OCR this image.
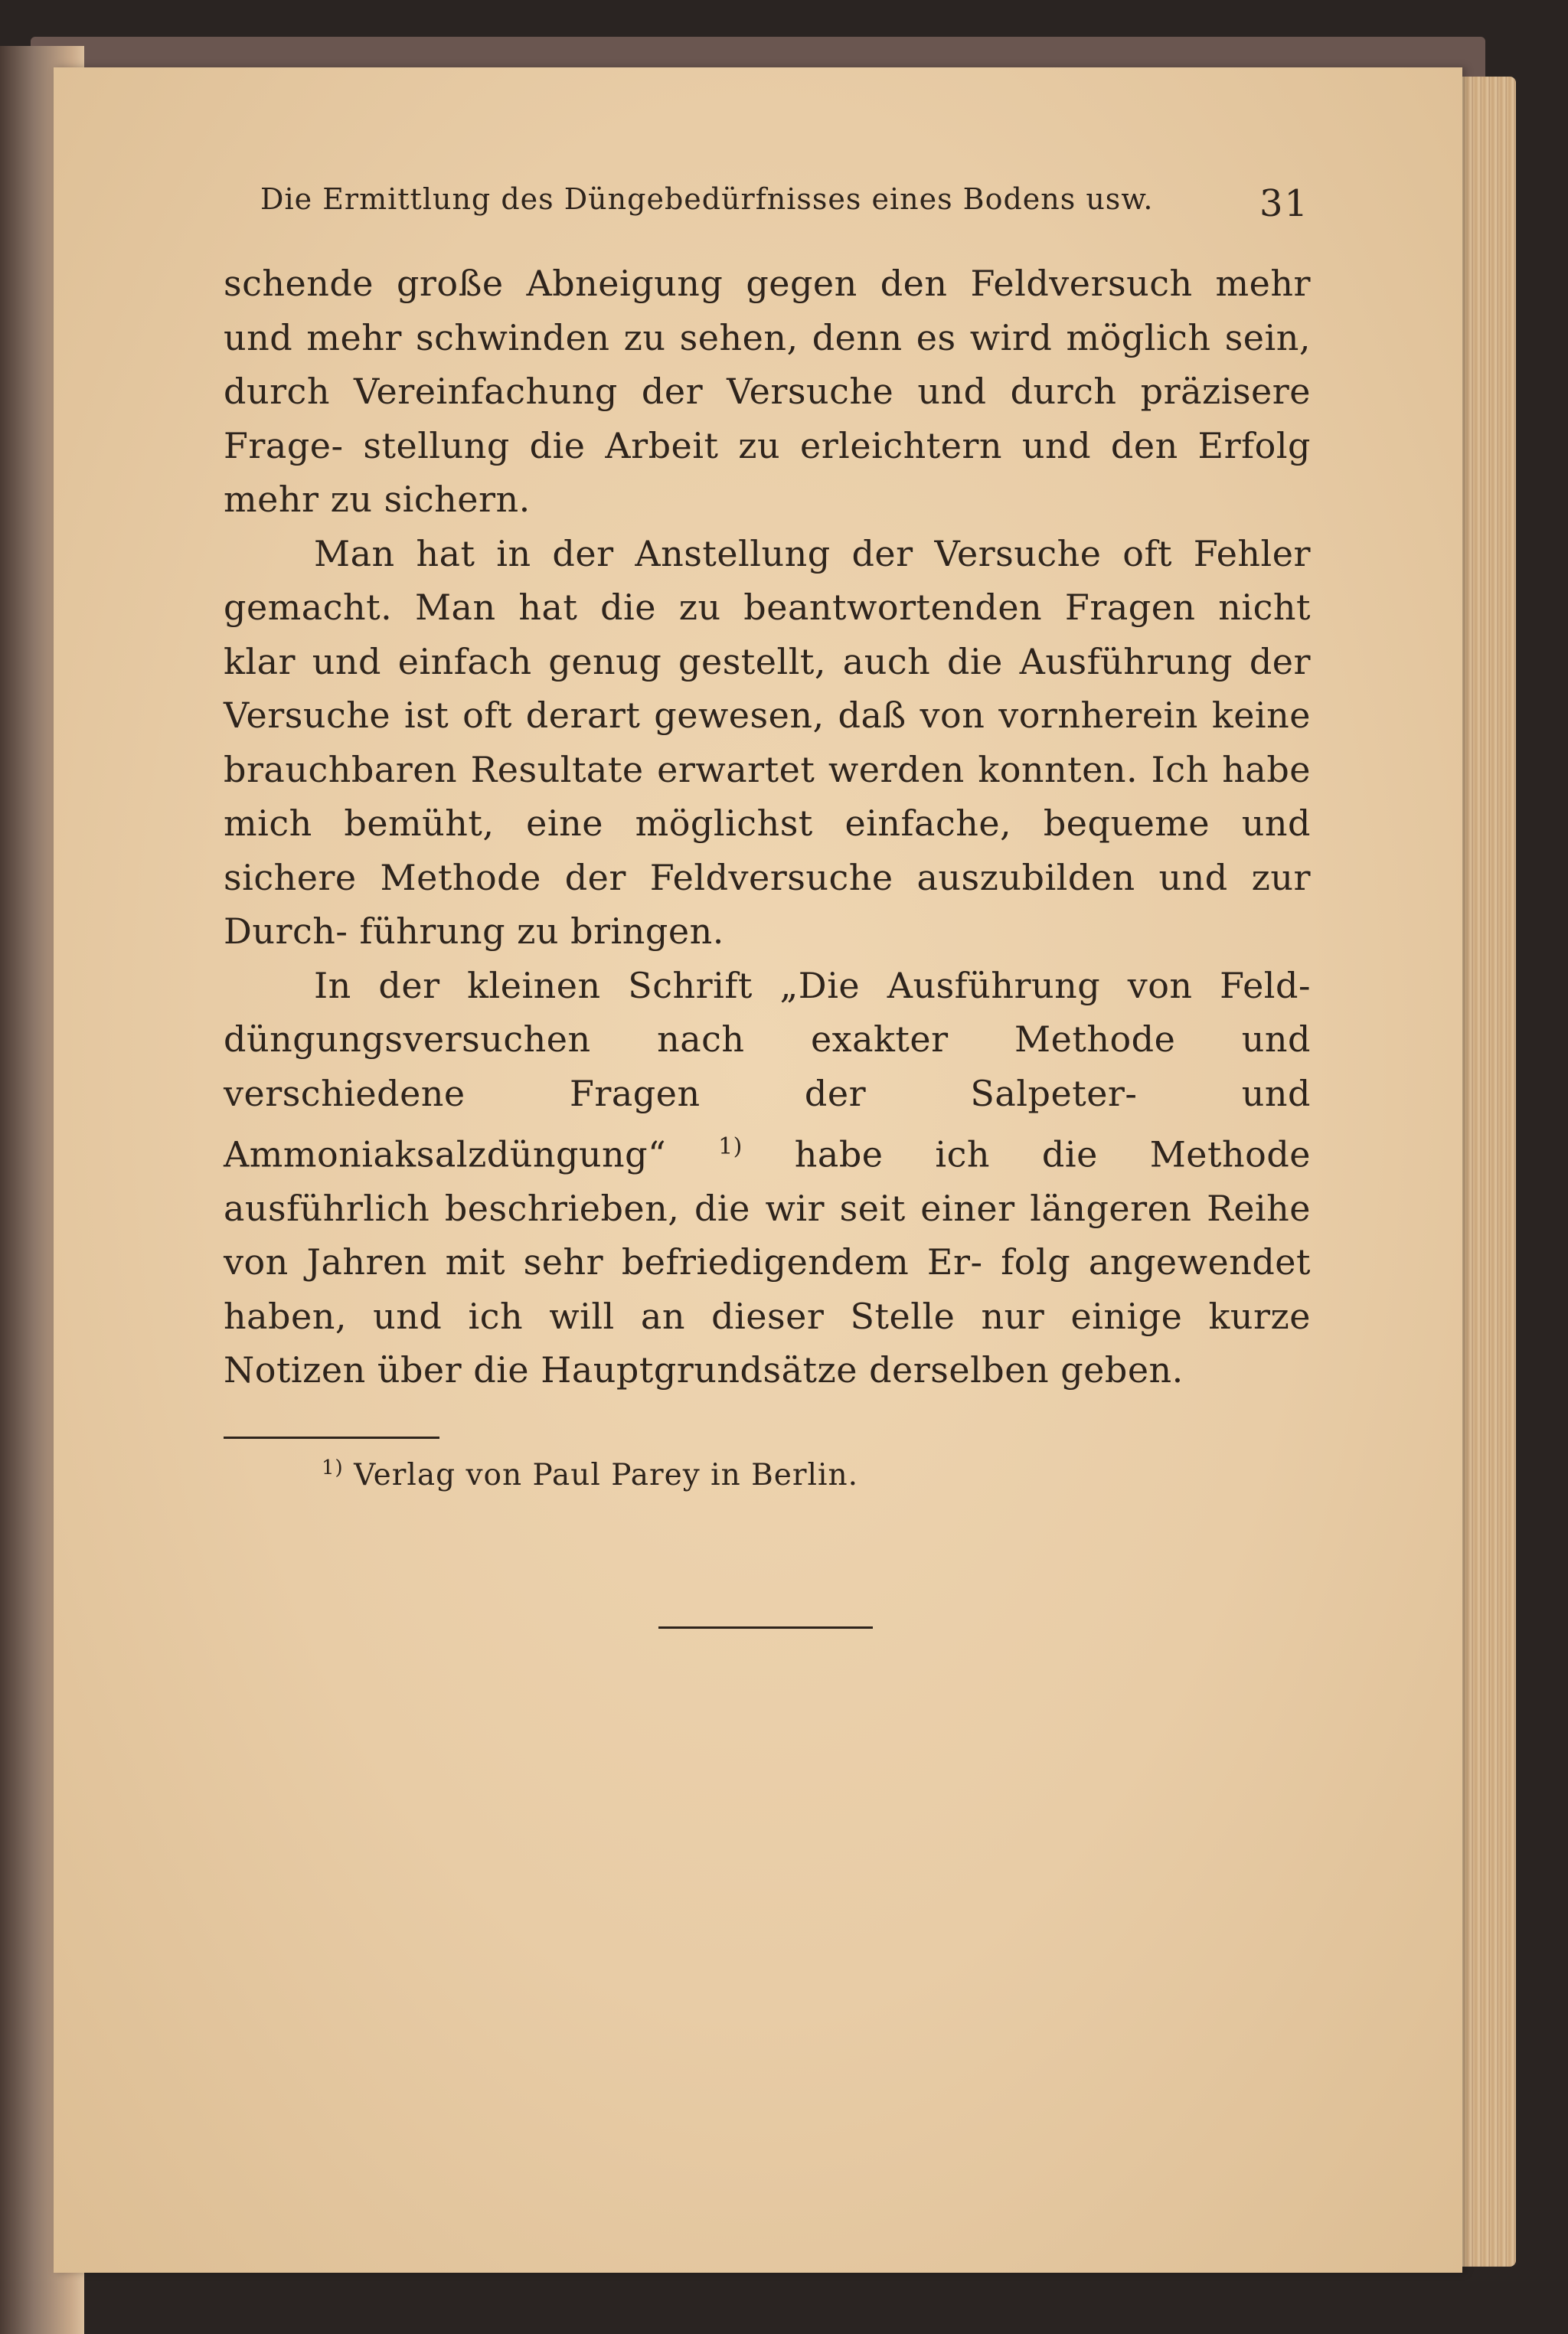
Die Ermittlung des Düngebedürfnisses eines Bodens usw.	31

schende große Abneigung gegen den Feldversuch mehr und mehr schwinden zu sehen, denn es wird möglich sein, durch Vereinfachung der Versuche und durch präzisere Frage- stellung die Arbeit zu erleichtern und den Erfolg mehr zu sichern.

Man hat in der Anstellung der Versuche oft Fehler gemacht. Man hat die zu beantwortenden Fragen nicht klar und einfach genug gestellt, auch die Ausführung der Versuche ist oft derart gewesen, daß von vornherein keine brauchbaren Resultate erwartet werden konnten. Ich habe mich bemüht, eine möglichst einfache, bequeme und sichere Methode der Feldversuche auszubilden und zur Durch- führung zu bringen.

In der kleinen Schrift „Die Ausführung von Feld- düngungsversuchen nach exakter Methode und verschiedene Fragen der Salpeter- und Ammoniaksalzdüngung“ $^{1)}$ habe ich die Methode ausführlich beschrieben, die wir seit einer längeren Reihe von Jahren mit sehr befriedigendem Er- folg angewendet haben, und ich will an dieser Stelle nur einige kurze Notizen über die Hauptgrundsätze derselben geben.

$^{1)}$ Verlag von Paul Parey in Berlin.
